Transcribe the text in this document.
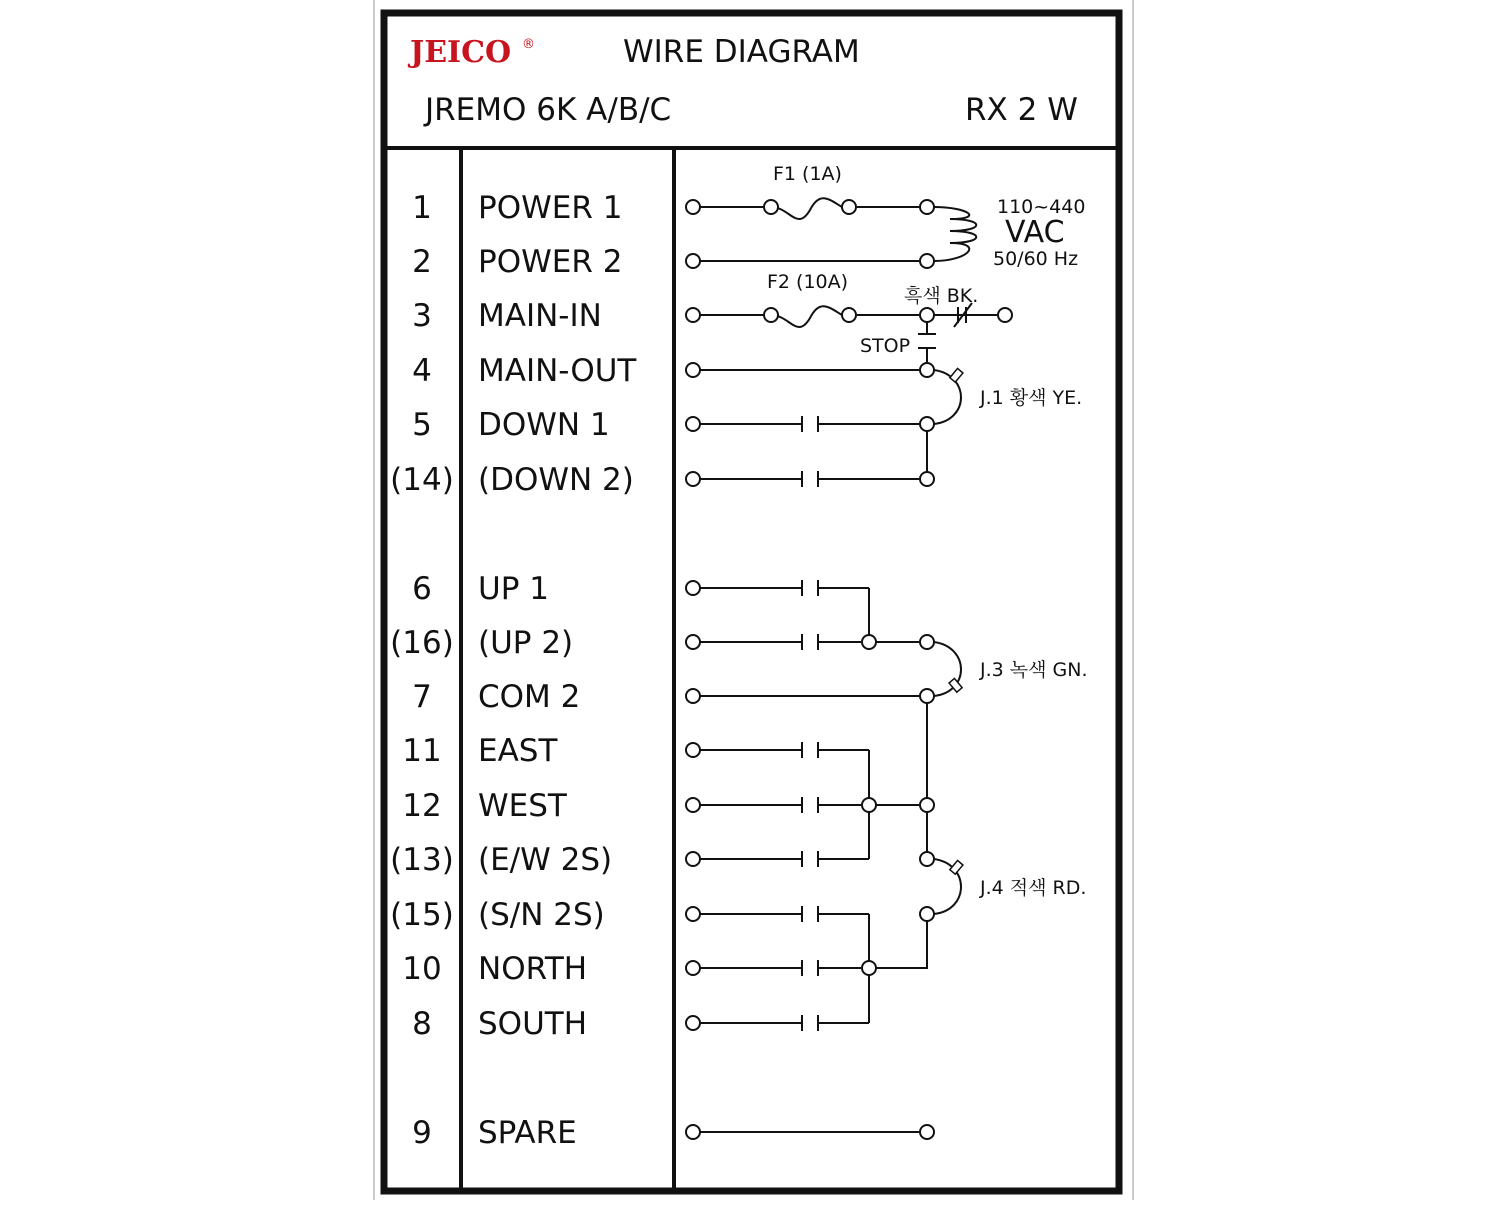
JEICO ®	WIRE DIAGRAM
JREMO 6K A/B/C	RX 2 W
1 POWER 1
2 POWER 2
3 MAIN-IN
4 MAIN-OUT
5 DOWN 1
(14) (DOWN 2)
6 UP 1
(16) (UP 2)
7 COM 2
11 EAST
12 WEST
(13) (E/W 2S)
(15) (S/N 2S)
10 NORTH
8 SOUTH
9 SPARE
F1 (1A)
110~440
VAC
50/60 Hz
F2 (10A)
흑색 BK.
STOP
J.1 황색 YE.
J.3 녹색 GN.
J.4 적색 RD.
